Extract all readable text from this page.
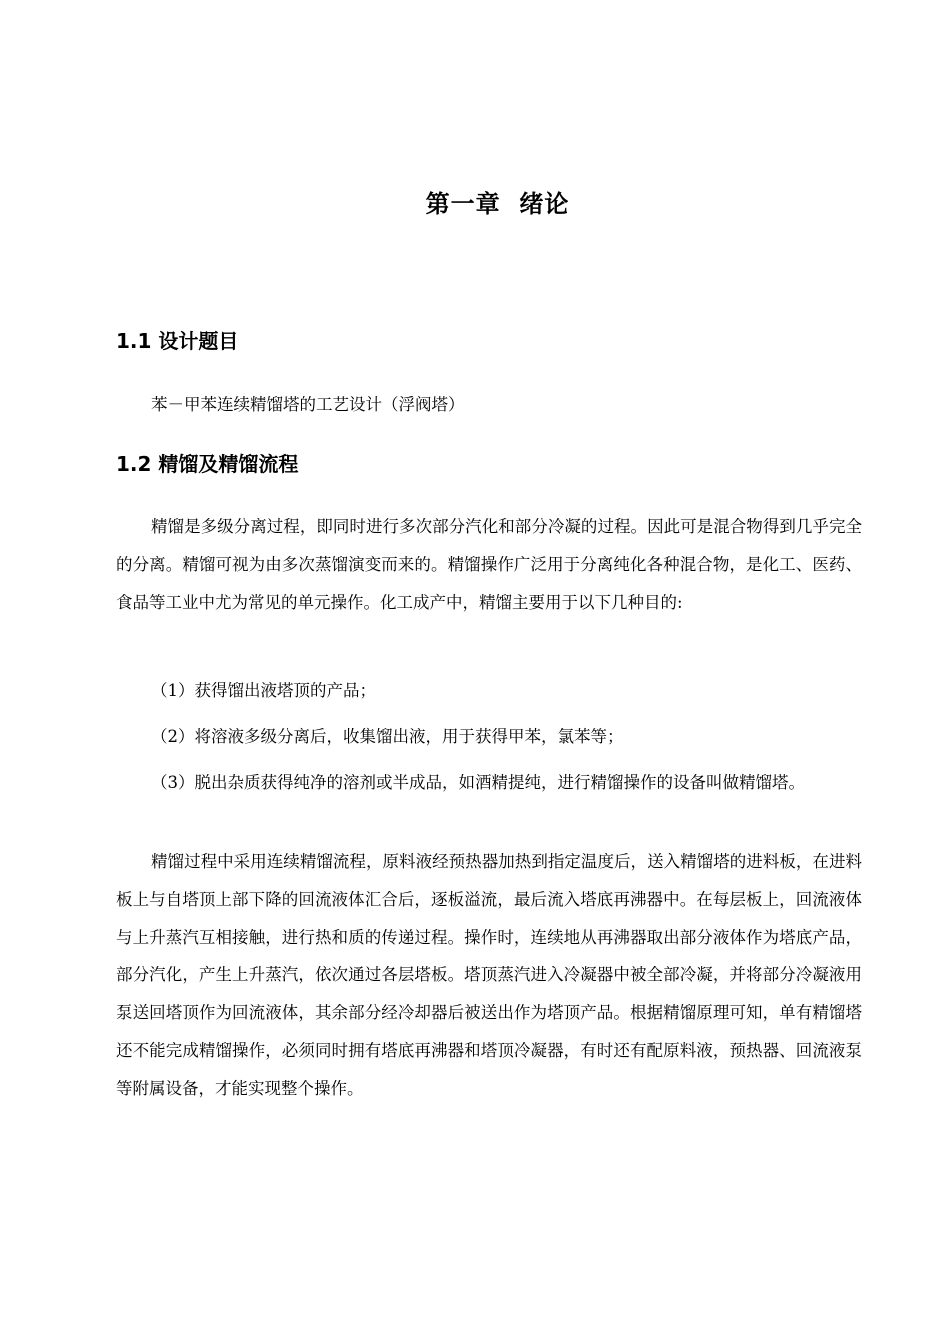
第一章  绪论
1.1 设计题目

苯－甲苯连续精馏塔的工艺设计（浮阀塔）

1.2 精馏及精馏流程

精馏是多级分离过程，即同时进行多次部分汽化和部分冷凝的过程。因此可是混合物得到几乎完全的分离。精馏可视为由多次蒸馏演变而来的。精馏操作广泛用于分离纯化各种混合物，是化工、医药、食品等工业中尤为常见的单元操作。化工成产中，精馏主要用于以下几种目的:

（1）获得馏出液塔顶的产品；

（2）将溶液多级分离后，收集馏出液，用于获得甲苯，氯苯等；

（3）脱出杂质获得纯净的溶剂或半成品，如酒精提纯，进行精馏操作的设备叫做精馏塔。

精馏过程中采用连续精馏流程，原料液经预热器加热到指定温度后，送入精馏塔的进料板，在进料板上与自塔顶上部下降的回流液体汇合后，逐板溢流，最后流入塔底再沸器中。在每层板上，回流液体与上升蒸汽互相接触，进行热和质的传递过程。操作时，连续地从再沸器取出部分液体作为塔底产品，部分汽化，产生上升蒸汽，依次通过各层塔板。塔顶蒸汽进入冷凝器中被全部冷凝，并将部分冷凝液用泵送回塔顶作为回流液体，其余部分经冷却器后被送出作为塔顶产品。根据精馏原理可知，单有精馏塔还不能完成精馏操作，必须同时拥有塔底再沸器和塔顶冷凝器，有时还有配原料液，预热器、回流液泵等附属设备，才能实现整个操作。
